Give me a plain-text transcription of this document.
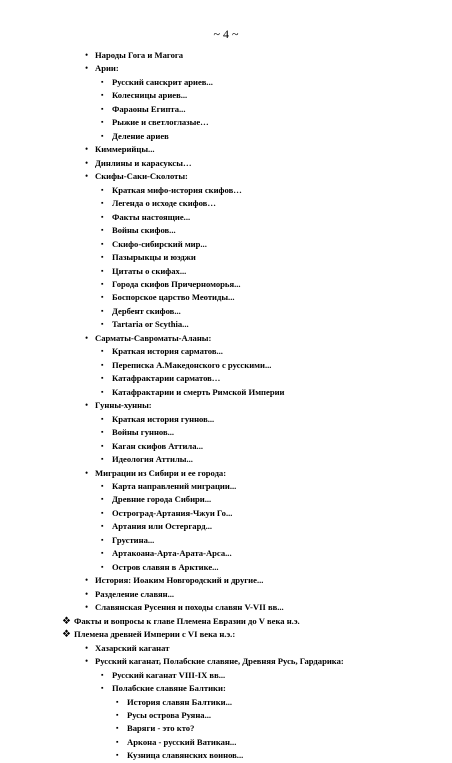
~ 4 ~
• Народы Гога и Магога
• Арии:
▪ Русский санскрит ариев...
▪ Колесницы ариев...
▪ Фараоны Египта...
▪ Рыжие и светлоглазые…
▪ Деление ариев
• Киммерийцы...
• Динлины и карасуксы…
• Скифы-Саки-Сколоты:
▪ Краткая мифо-история скифов…
▪ Легенда о исходе скифов…
▪ Факты настоящие...
▪ Войны скифов...
▪ Скифо-сибирский мир...
▪ Пазырыкцы и юэджи
▪ Цитаты о скифах...
▪ Города скифов Причерноморья...
▪ Боспорское царство Меотиды...
▪ Дербент скифов...
▪ Tartaria or Scythia...
• Сарматы-Савроматы-Аланы:
▪ Краткая история сарматов...
▪ Переписка А.Македонского с русскими...
▪ Катафрактарии сарматов…
▪ Катафрактарии и смерть Римской Империи
• Гунны-хунны:
▪ Краткая история гуннов...
▪ Войны гуннов...
▪ Каган скифов Аттила...
▪ Идеология Аттилы...
• Миграции из Сибири и ее города:
▪ Карта направлений миграции...
▪ Древние города Сибири...
▪ Остроград-Артания-Чжуи Го...
▪ Артания или Остергард...
▪ Грустина...
▪ Артакоана-Арта-Арата-Арса...
▪ Остров славян в Арктике...
• История: Иоаким Новгородский и другие...
• Разделение славян...
• Славянская Русения и походы славян V-VII вв...
❖ Факты и вопросы к главе Племена Евразии до V века н.э.
❖ Племена древней Империи с VI века н.э.:
• Хазарский каганат
• Русский каганат, Полабские славяне, Древняя Русь, Гардарика:
▪ Русский каганат VIII-IX вв...
▪ Полабские славяне Балтики:
▪ История славян Балтики...
▪ Русы острова Руяна...
▪ Варяги - это кто?
▪ Аркона - русский Ватикан...
▪ Кузница славянских воинов...
